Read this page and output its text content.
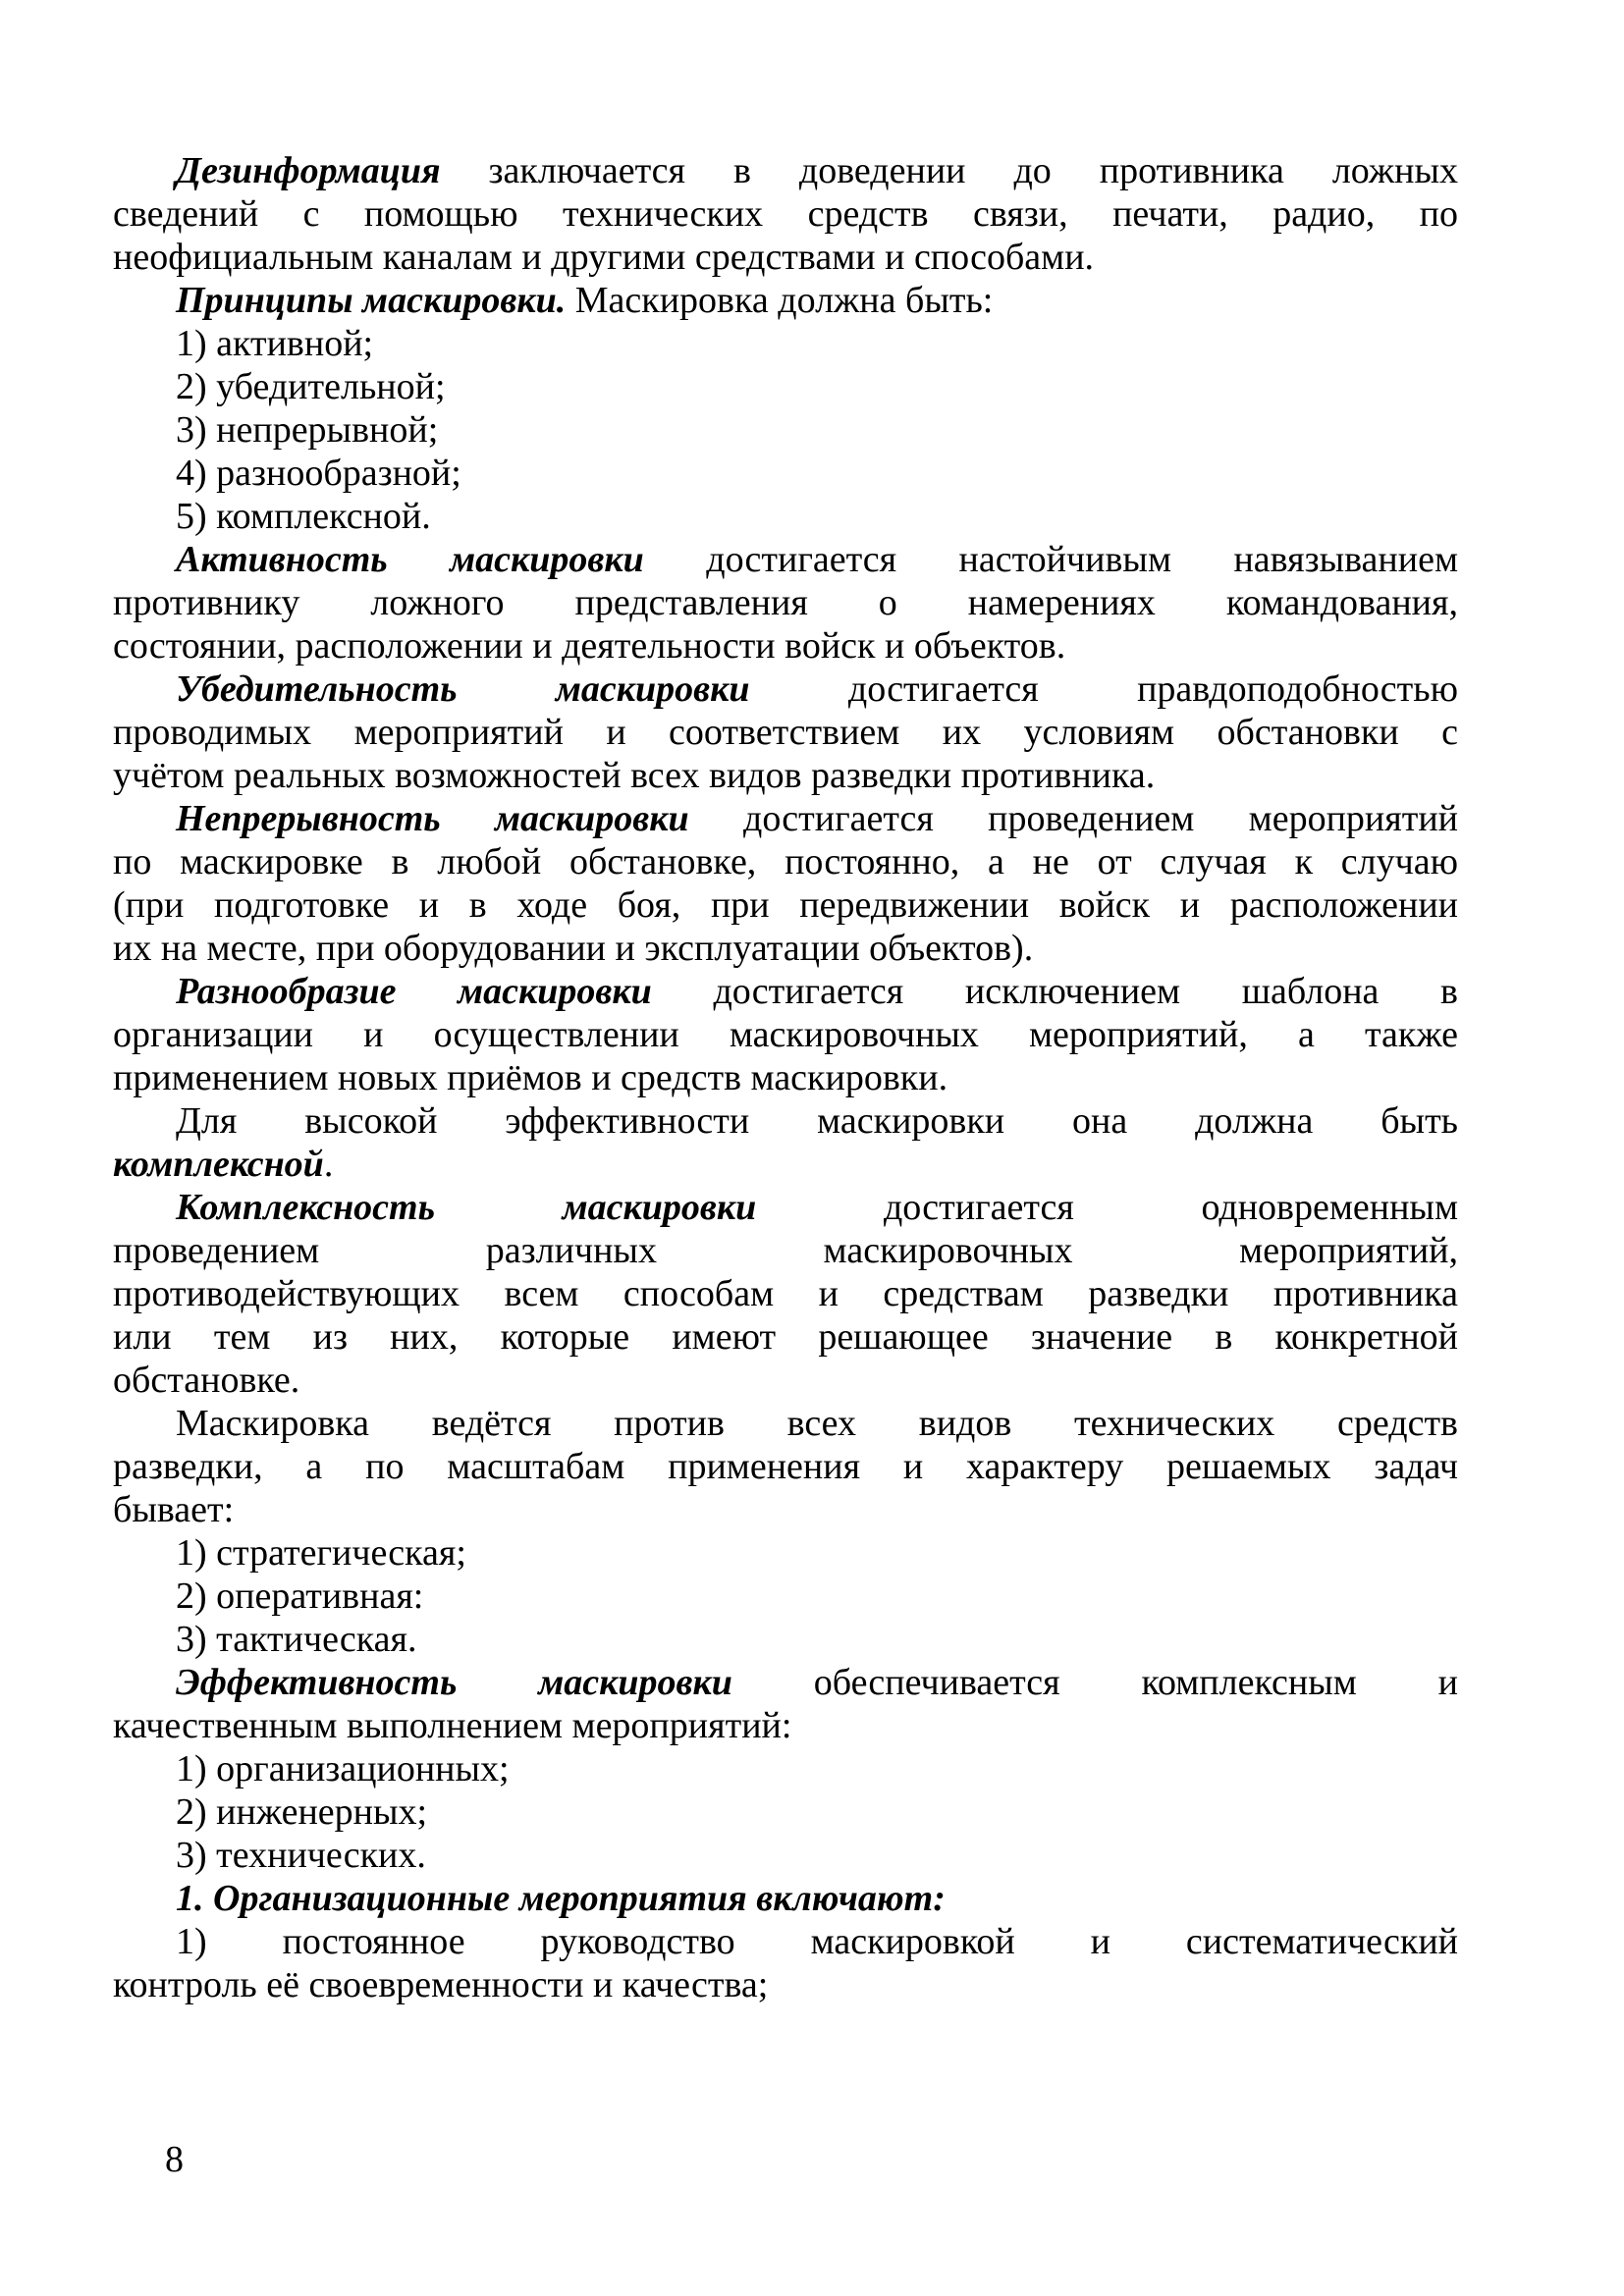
Дезинформация заключается в доведении до противника ложных
сведений с помощью технических средств связи, печати, радио, по
неофициальным каналам и другими средствами и способами.
Принципы маскировки. Маскировка должна быть:
1) активной;
2) убедительной;
3) непрерывной;
4) разнообразной;
5) комплексной.
Активность маскировки достигается настойчивым навязыванием
противнику ложного представления о намерениях командования,
состоянии, расположении и деятельности войск и объектов.
Убедительность маскировки достигается правдоподобностью
проводимых мероприятий и соответствием их условиям обстановки с
учётом реальных возможностей всех видов разведки противника.
Непрерывность маскировки достигается проведением мероприятий
по маскировке в любой обстановке, постоянно, а не от случая к случаю
(при подготовке и в ходе боя, при передвижении войск и расположении
их на месте, при оборудовании и эксплуатации объектов).
Разнообразие маскировки достигается исключением шаблона в
организации и осуществлении маскировочных мероприятий, а также
применением новых приёмов и средств маскировки.
Для высокой эффективности маскировки она должна быть
комплексной.
Комплексность маскировки достигается одновременным
проведением различных маскировочных мероприятий,
противодействующих всем способам и средствам разведки противника
или тем из них, которые имеют решающее значение в конкретной
обстановке.
Маскировка ведётся против всех видов технических средств
разведки, а по масштабам применения и характеру решаемых задач
бывает:
1) стратегическая;
2) оперативная:
3) тактическая.
Эффективность маскировки обеспечивается комплексным и
качественным выполнением мероприятий:
1) организационных;
2) инженерных;
3) технических.
1. Организационные мероприятия включают:
1) постоянное руководство маскировкой и систематический
контроль её своевременности и качества;
8
